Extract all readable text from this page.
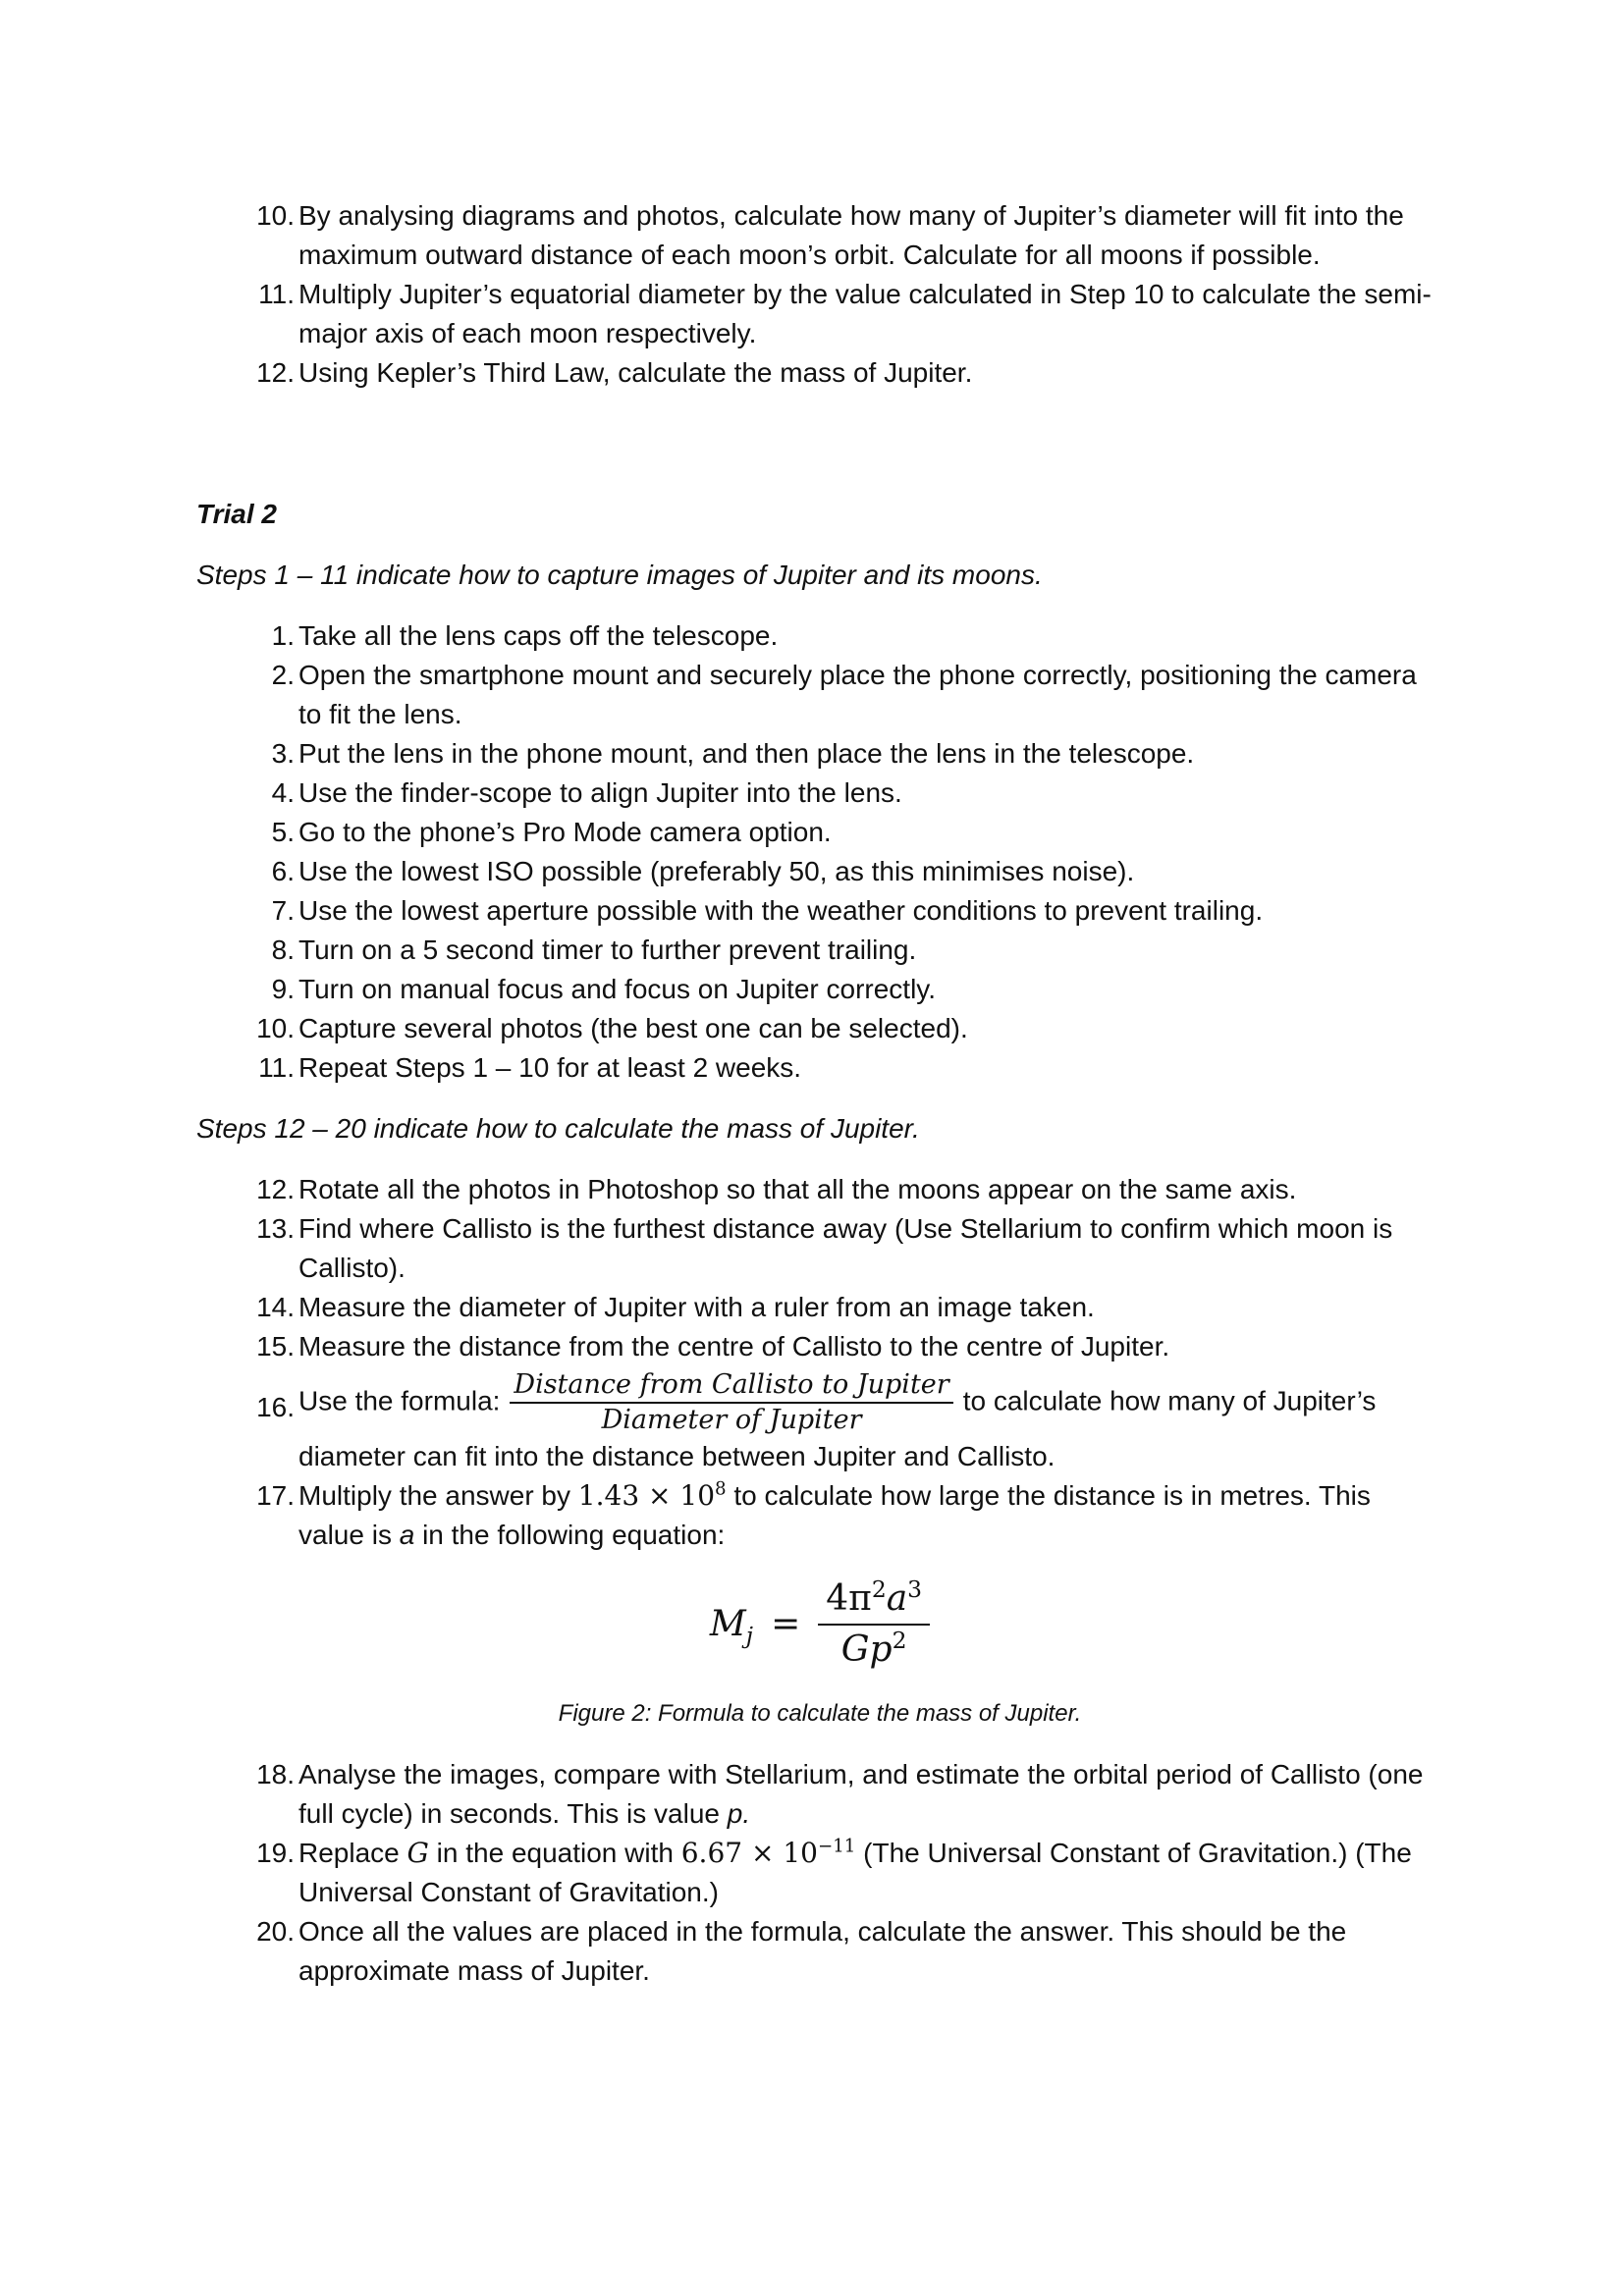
10. By analysing diagrams and photos, calculate how many of Jupiter’s diameter will fit into the maximum outward distance of each moon’s orbit. Calculate for all moons if possible.
11. Multiply Jupiter’s equatorial diameter by the value calculated in Step 10 to calculate the semi-major axis of each moon respectively.
12. Using Kepler’s Third Law, calculate the mass of Jupiter.

Trial 2

Steps 1 – 11 indicate how to capture images of Jupiter and its moons.

1. Take all the lens caps off the telescope.
2. Open the smartphone mount and securely place the phone correctly, positioning the camera to fit the lens.
3. Put the lens in the phone mount, and then place the lens in the telescope.
4. Use the finder-scope to align Jupiter into the lens.
5. Go to the phone’s Pro Mode camera option.
6. Use the lowest ISO possible (preferably 50, as this minimises noise).
7. Use the lowest aperture possible with the weather conditions to prevent trailing.
8. Turn on a 5 second timer to further prevent trailing.
9. Turn on manual focus and focus on Jupiter correctly.
10. Capture several photos (the best one can be selected).
11. Repeat Steps 1 – 10 for at least 2 weeks.

Steps 12 – 20 indicate how to calculate the mass of Jupiter.

12. Rotate all the photos in Photoshop so that all the moons appear on the same axis.
13. Find where Callisto is the furthest distance away (Use Stellarium to confirm which moon is Callisto).
14. Measure the diameter of Jupiter with a ruler from an image taken.
15. Measure the distance from the centre of Callisto to the centre of Jupiter.
16. Use the formula: $\frac{\text{Distance from Callisto to Jupiter}}{\text{Diameter of Jupiter}}$ to calculate how many of Jupiter’s
diameter can fit into the distance between Jupiter and Callisto.
17. Multiply the answer by $1.43 \times 10^8$ to calculate how large the distance is in metres. This
value is a in the following equation:
$M_j$ =
$4\pi^2a^3$
Gp$^2$

Figure 2: Formula to calculate the mass of Jupiter.

18. Analyse the images, compare with Stellarium, and estimate the orbital period of Callisto (one full cycle) in seconds. This is value p.
19. Replace G in the equation with $6.67 \times 10^{-11}$ (The Universal Constant of Gravitation.) (The Universal Constant of Gravitation.)
20. Once all the values are placed in the formula, calculate the answer. This should be the approximate mass of Jupiter.
